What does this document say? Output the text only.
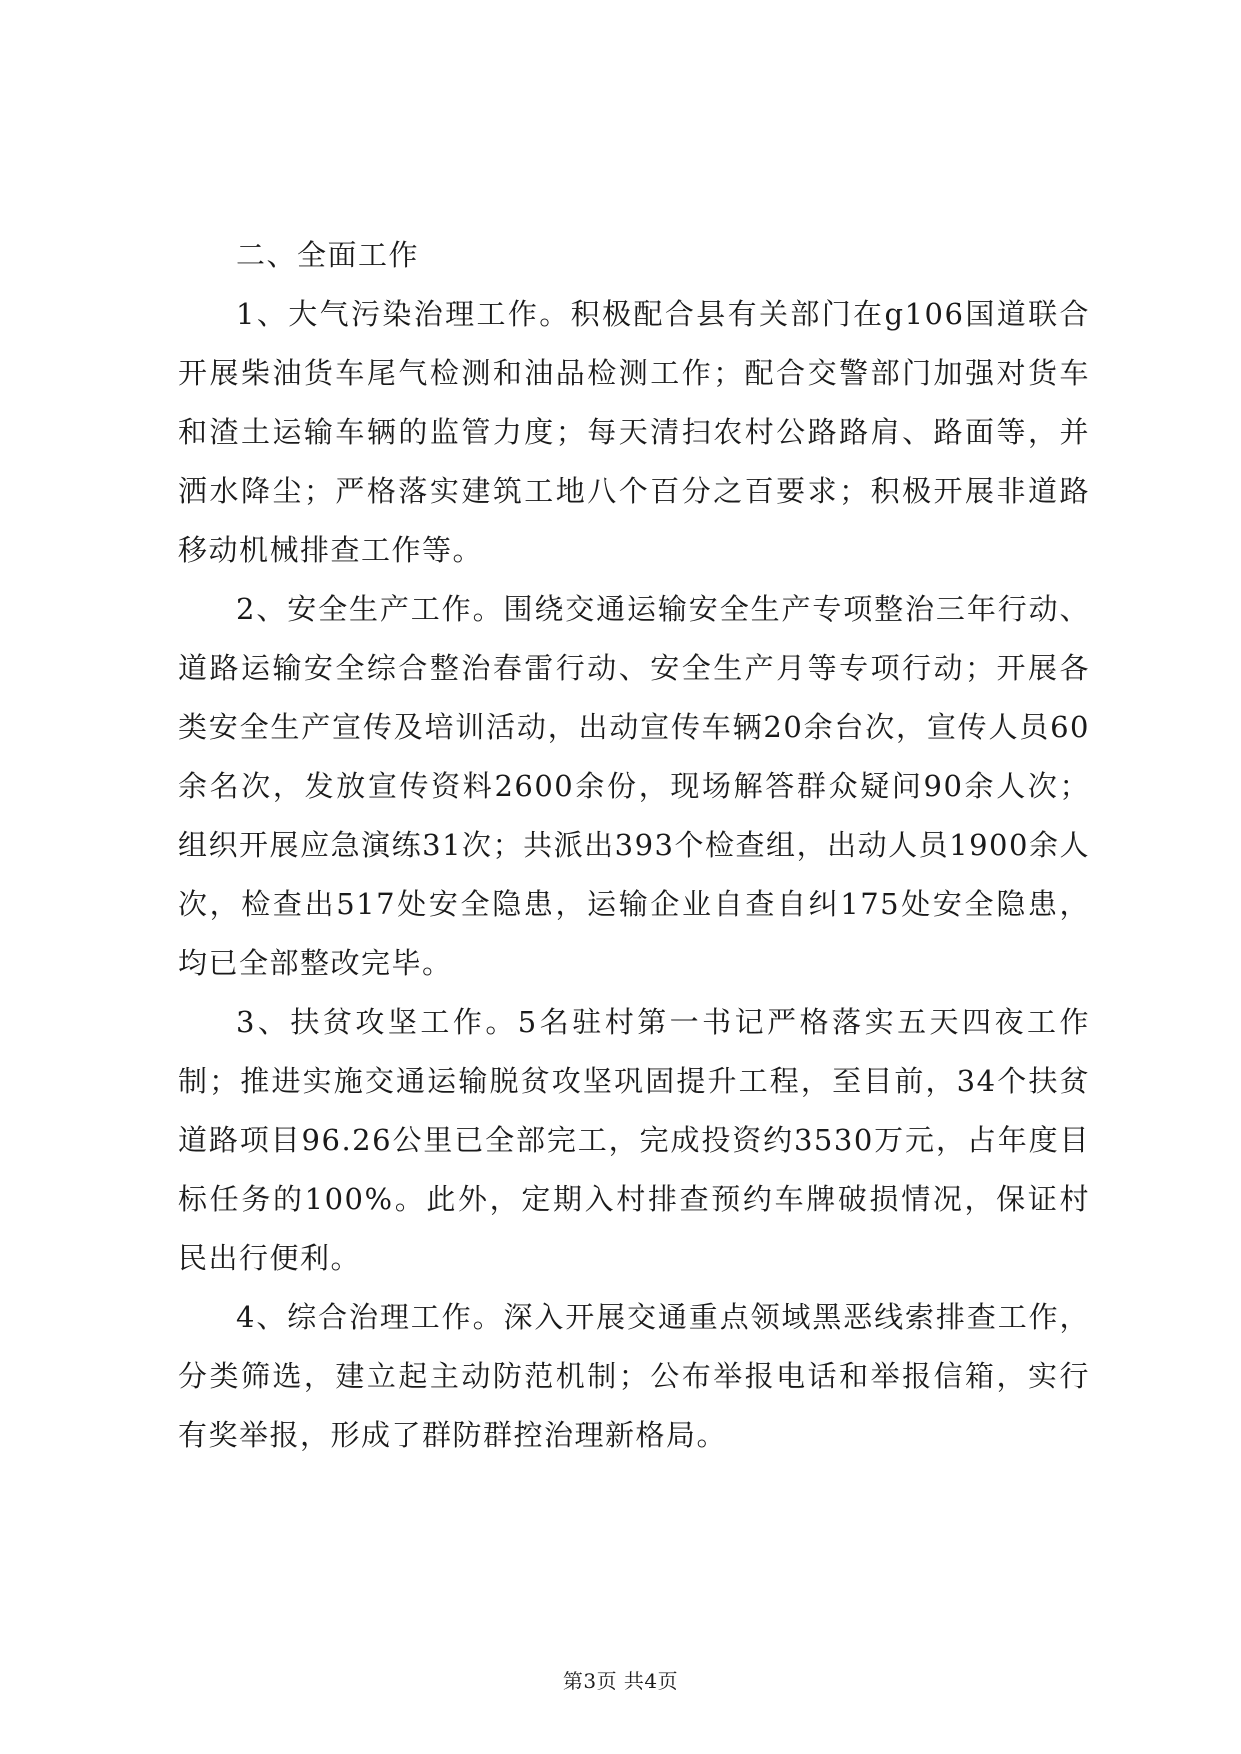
二、全面工作

1、大气污染治理工作。积极配合县有关部门在g106国道联合开展柴油货车尾气检测和油品检测工作；配合交警部门加强对货车和渣土运输车辆的监管力度；每天清扫农村公路路肩、路面等，并洒水降尘；严格落实建筑工地八个百分之百要求；积极开展非道路移动机械排查工作等。

2、安全生产工作。围绕交通运输安全生产专项整治三年行动、道路运输安全综合整治春雷行动、安全生产月等专项行动；开展各类安全生产宣传及培训活动，出动宣传车辆20余台次，宣传人员60余名次，发放宣传资料2600余份，现场解答群众疑问90余人次；组织开展应急演练31次；共派出393个检查组，出动人员1900余人次，检查出517处安全隐患，运输企业自查自纠175处安全隐患，均已全部整改完毕。

3、扶贫攻坚工作。5名驻村第一书记严格落实五天四夜工作制；推进实施交通运输脱贫攻坚巩固提升工程，至目前，34个扶贫道路项目96.26公里已全部完工，完成投资约3530万元，占年度目标任务的100%。此外，定期入村排查预约车牌破损情况，保证村民出行便利。

4、综合治理工作。深入开展交通重点领域黑恶线索排查工作，分类筛选，建立起主动防范机制；公布举报电话和举报信箱，实行有奖举报，形成了群防群控治理新格局。

第3页 共4页
